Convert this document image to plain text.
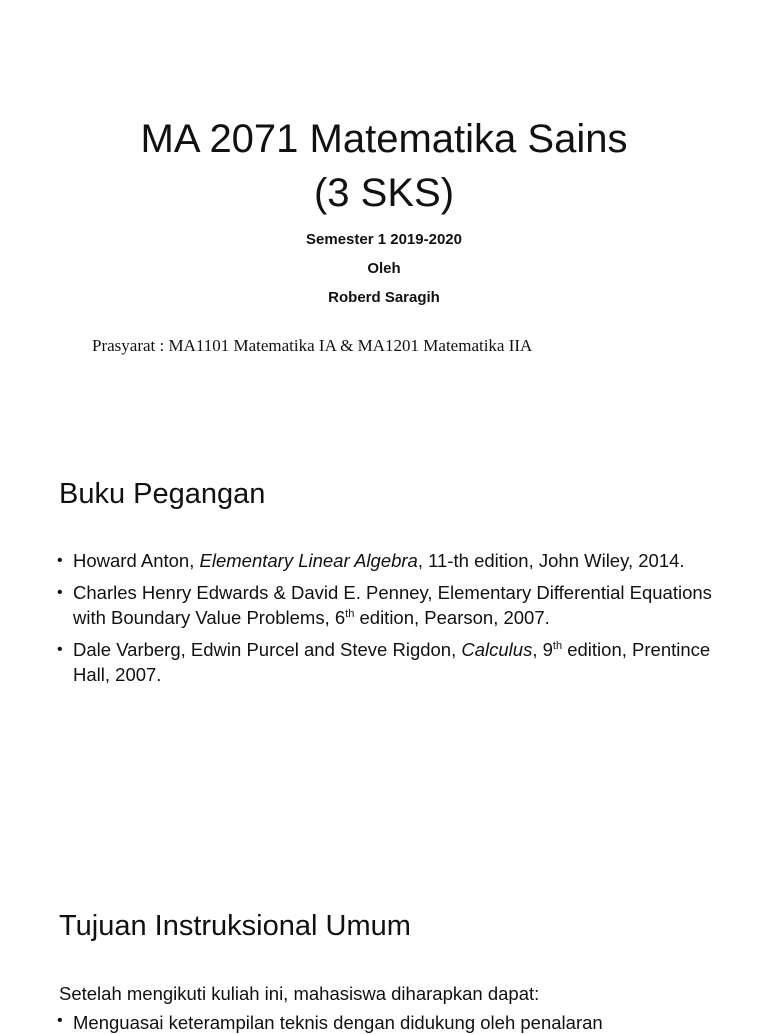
MA 2071 Matematika Sains
(3 SKS)
Semester 1 2019-2020
Oleh
Roberd Saragih
Prasyarat : MA1101 Matematika IA & MA1201 Matematika IIA
Buku Pegangan
• Howard Anton, Elementary Linear Algebra, 11-th edition, John Wiley, 2014.
• Charles Henry Edwards & David E. Penney, Elementary Differential Equations with Boundary Value Problems, 6th edition, Pearson, 2007.
• Dale Varberg, Edwin Purcel and Steve Rigdon, Calculus, 9th edition, Prentince Hall, 2007.
Tujuan Instruksional Umum
Setelah mengikuti kuliah ini, mahasiswa diharapkan dapat:
• Menguasai keterampilan teknis dengan didukung oleh penalaran
